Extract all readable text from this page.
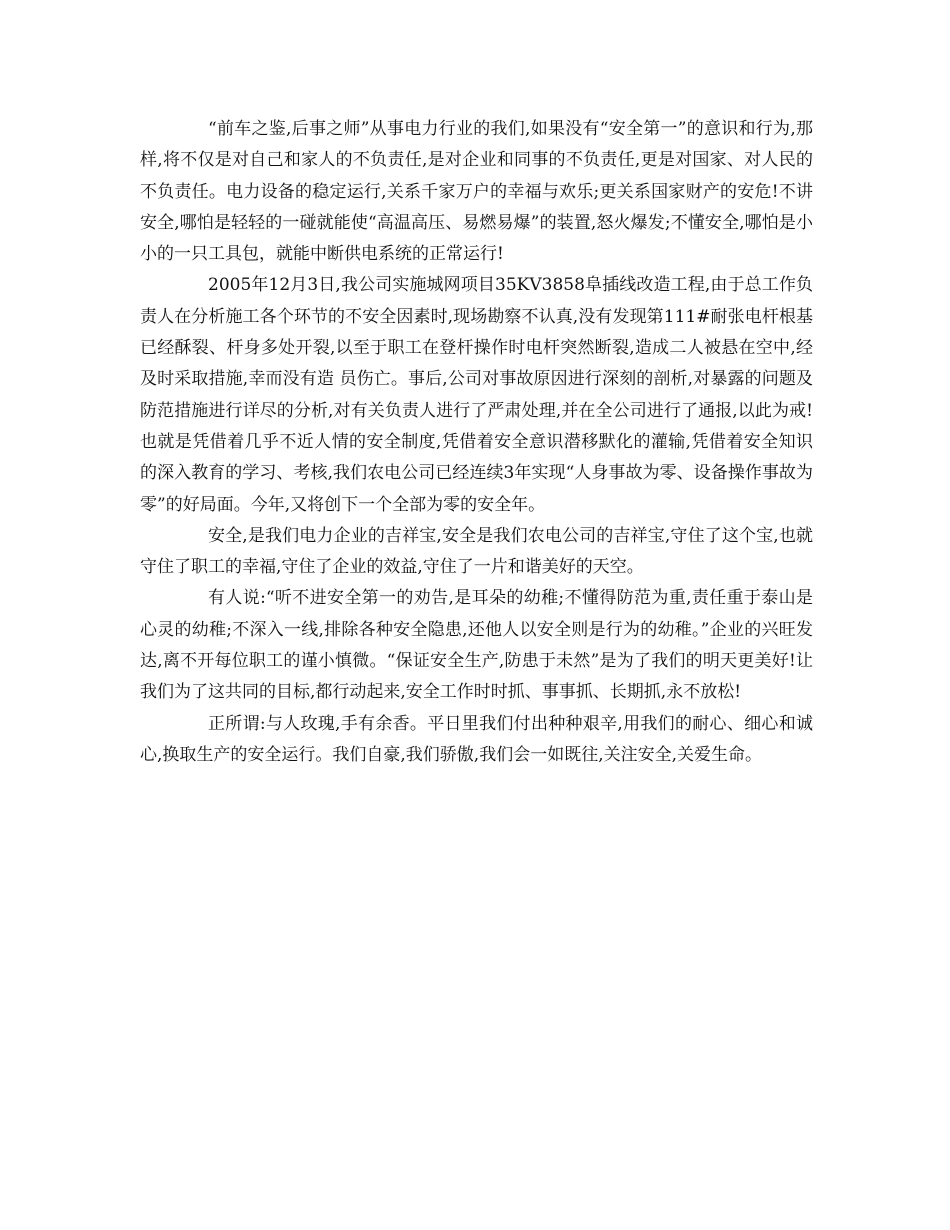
“前车之鉴,后事之师”从事电力行业的我们,如果没有“安全第一”的意识和行为,那样,将不仅是对自己和家人的不负责任,是对企业和同事的不负责任,更是对国家、对人民的不负责任。电力设备的稳定运行,关系千家万户的幸福与欢乐;更关系国家财产的安危!不讲安全,哪怕是轻轻的一碰就能使“高温高压、易燃易爆”的装置,怒火爆发;不懂安全,哪怕是小小的一只工具包，就能中断供电系统的正常运行!

2005年12月3日,我公司实施城网项目35KV3858阜插线改造工程,由于总工作负责人在分析施工各个环节的不安全因素时,现场勘察不认真,没有发现第111#耐张电杆根基已经酥裂、杆身多处开裂,以至于职工在登杆操作时电杆突然断裂,造成二人被悬在空中,经及时采取措施,幸而没有造 员伤亡。事后,公司对事故原因进行深刻的剖析,对暴露的问题及防范措施进行详尽的分析,对有关负责人进行了严肃处理,并在全公司进行了通报,以此为戒!也就是凭借着几乎不近人情的安全制度,凭借着安全意识潜移默化的灌输,凭借着安全知识的深入教育的学习、考核,我们农电公司已经连续3年实现“人身事故为零、设备操作事故为零”的好局面。今年,又将创下一个全部为零的安全年。

安全,是我们电力企业的吉祥宝,安全是我们农电公司的吉祥宝,守住了这个宝,也就守住了职工的幸福,守住了企业的效益,守住了一片和谐美好的天空。

有人说:“听不进安全第一的劝告,是耳朵的幼稚;不懂得防范为重,责任重于泰山是心灵的幼稚;不深入一线,排除各种安全隐患,还他人以安全则是行为的幼稚。”企业的兴旺发达,离不开每位职工的谨小慎微。“保证安全生产,防患于未然”是为了我们的明天更美好!让我们为了这共同的目标,都行动起来,安全工作时时抓、事事抓、长期抓,永不放松!

正所谓:与人玫瑰,手有余香。平日里我们付出种种艰辛,用我们的耐心、细心和诚心,换取生产的安全运行。我们自豪,我们骄傲,我们会一如既往,关注安全,关爱生命。
